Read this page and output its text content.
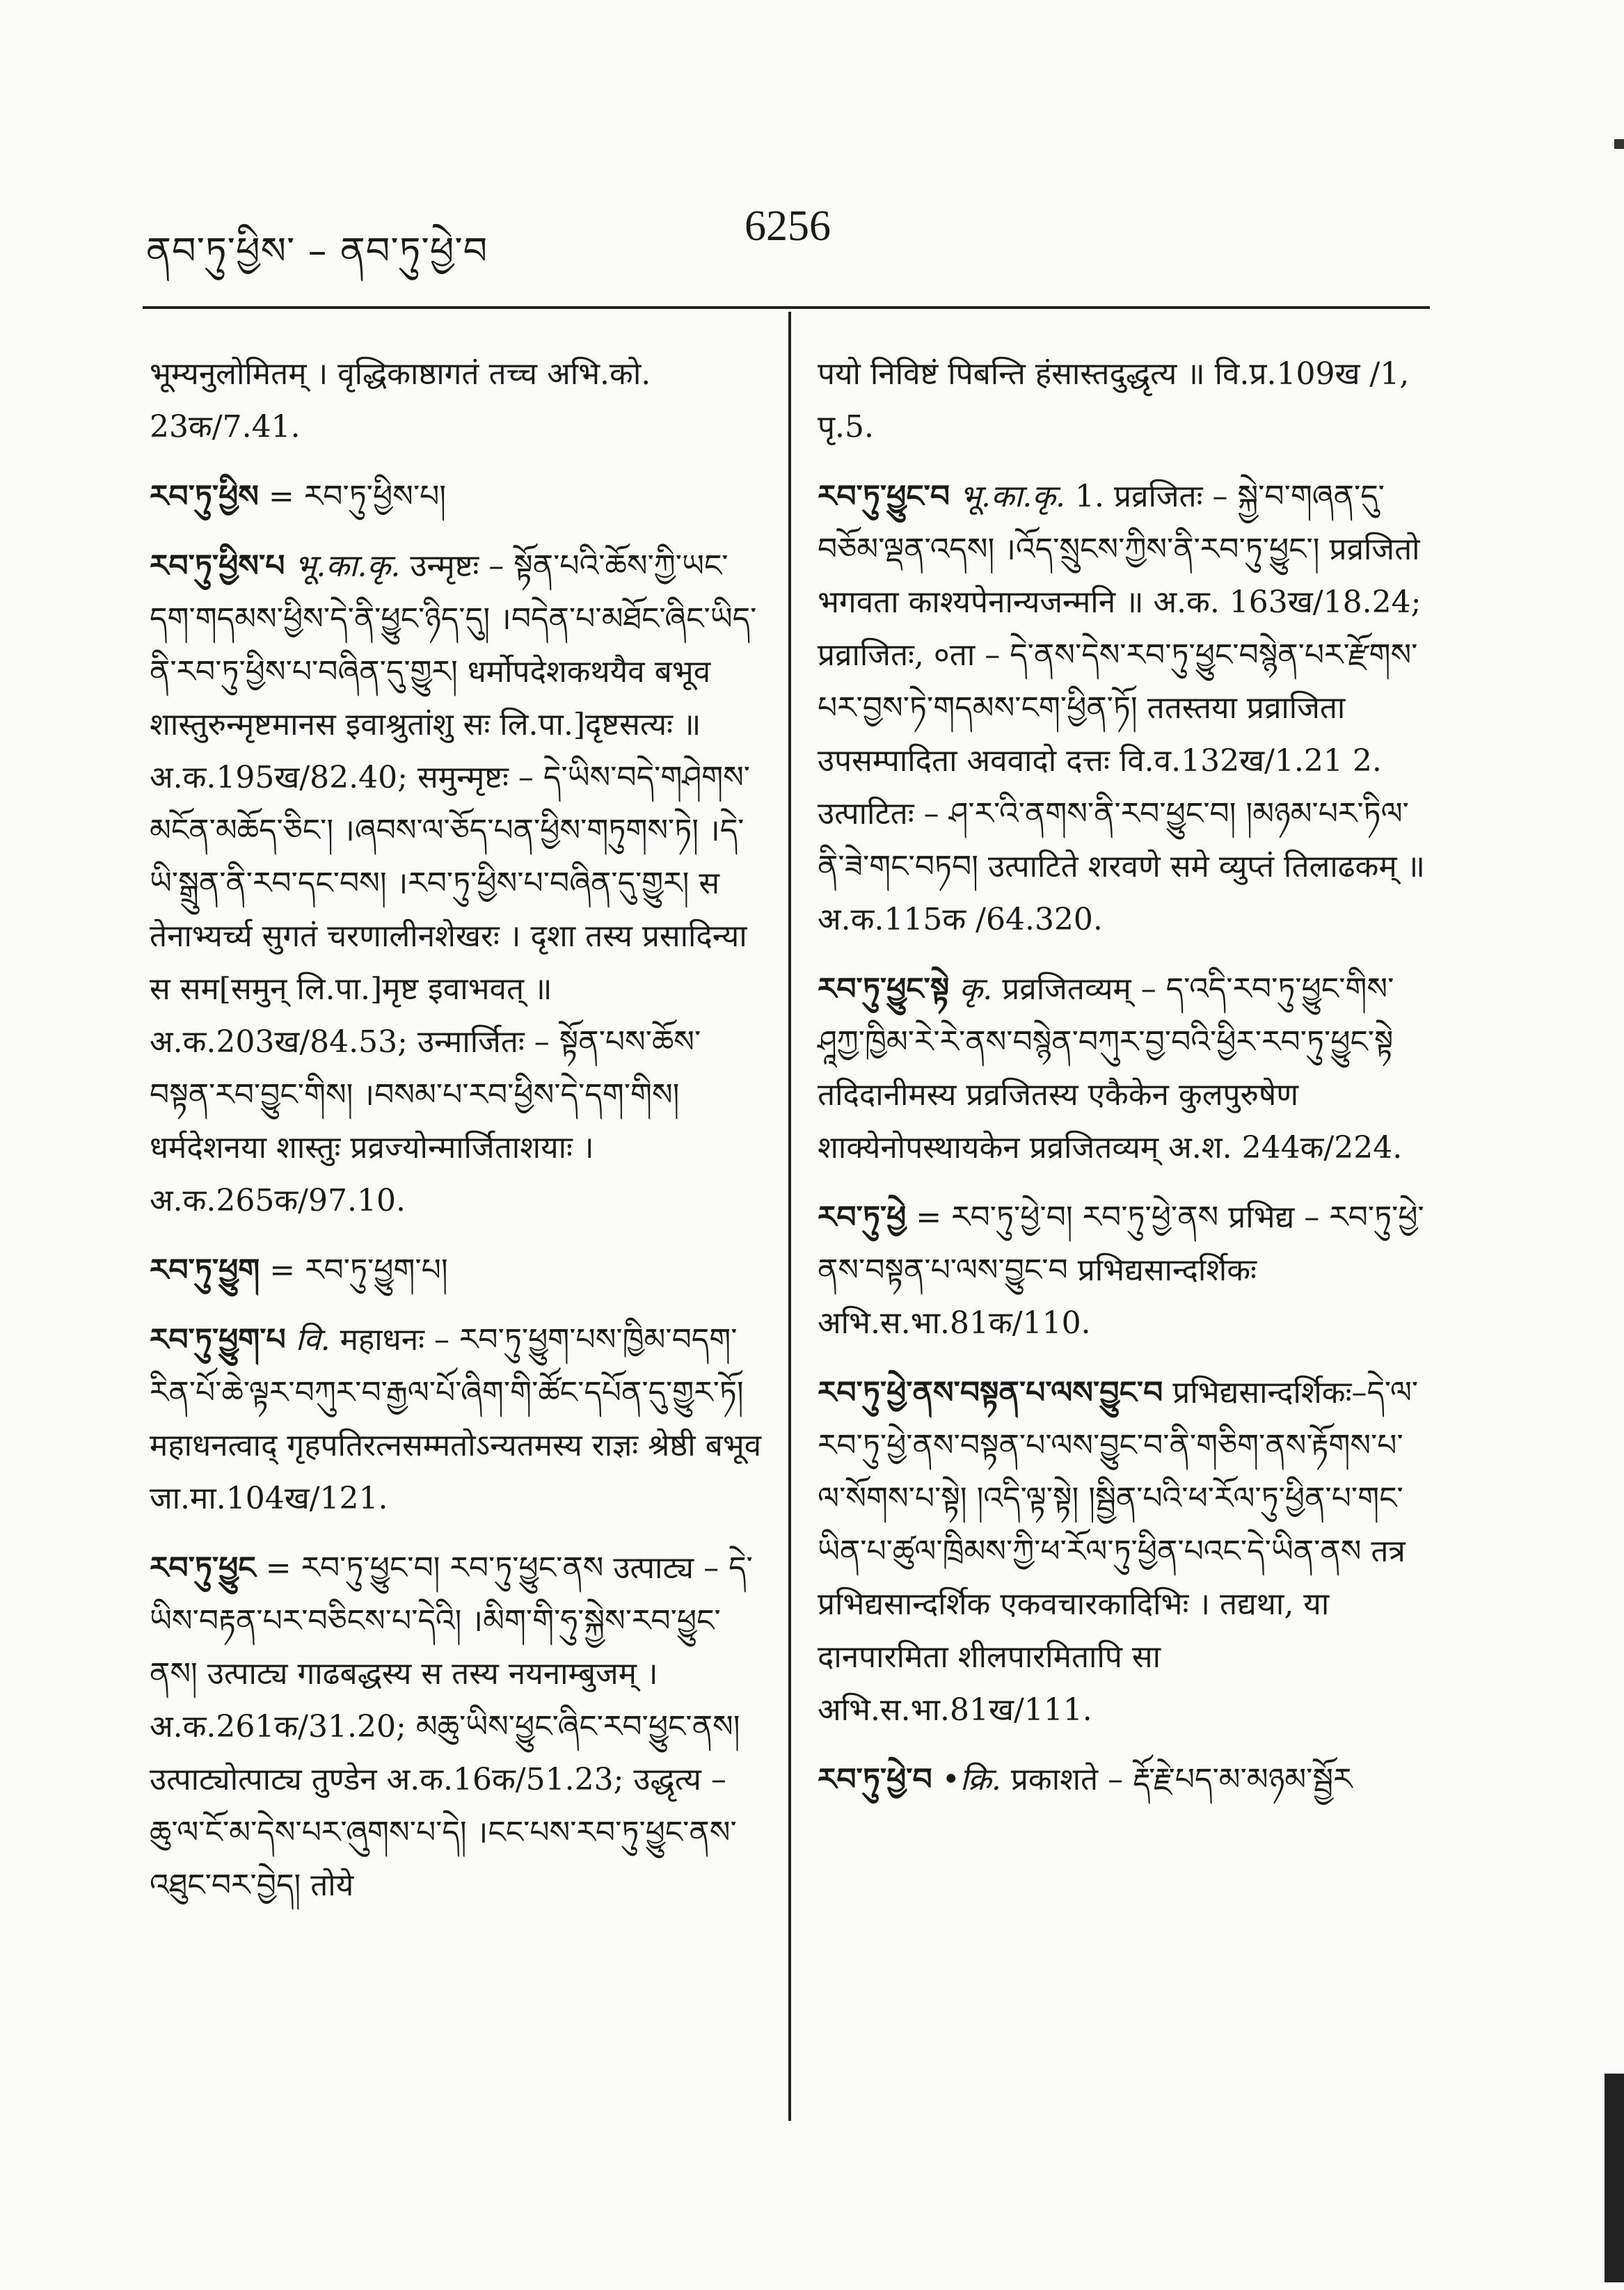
ནབ་ཏུ་ཕྱིས་ – ནབ་ཏུ་ཕྱེ་བ
6256

भूम्यनुलोमितम् । वृद्धिकाष्ठागतं तच्च अभि.को. 23क/7.41.

རབ་ཏུ་ཕྱིས = རབ་ཏུ་ཕྱིས་པ།

རབ་ཏུ་ཕྱིས་པ भू.का.कृ. उन्मृष्टः – སྟོན་པའི་ཆོས་ཀྱི་ཡང་དག་གདམས་ཕྱིས་དེ་ནི་ཕྱུང་ཉིད་དུ། ।བདེན་པ་མཐོང་ཞིང་ཡིད་ནི་རབ་ཏུ་ཕྱིས་པ་བཞིན་དུ་གྱུར། धर्मोपदेशकथयैव बभूव शास्तुरुन्मृष्टमानस इवाश्रुतांशु सः लि.पा.]दृष्टसत्यः ॥ अ.क.195ख/82.40; समुन्मृष्टः – དེ་ཡིས་བདེ་གཤེགས་མངོན་མཆོད་ཅིང་། ।ཞབས་ལ་ཅོད་པན་ཕྱིས་གཏུགས་ཏེ། ।དེ་ཡི་སྒྲུན་ནི་རབ་དང་བས། ।རབ་ཏུ་ཕྱིས་པ་བཞིན་དུ་གྱུར། स तेनाभ्यर्च्य सुगतं चरणालीनशेखरः । दृशा तस्य प्रसादिन्या स सम[समुन् लि.पा.]मृष्ट इवाभवत् ॥ अ.क.203ख/84.53; उन्मार्जितः – སྟོན་པས་ཆོས་བསྟན་རབ་བྱུང་གིས། ।བསམ་པ་རབ་ཕྱིས་དེ་དག་གིས། धर्मदेशनया शास्तुः प्रव्रज्योन्मार्जिताशयाः । अ.क.265क/97.10.

རབ་ཏུ་ཕྱུག = རབ་ཏུ་ཕྱུག་པ།

རབ་ཏུ་ཕྱུག་པ वि. महाधनः – རབ་ཏུ་ཕྱུག་པས་ཁྱིམ་བདག་རིན་པོ་ཆེ་ལྟར་བཀུར་བ་རྒྱལ་པོ་ཞིག་གི་ཚོང་དཔོན་དུ་གྱུར་ཏོ། महाधनत्वाद् गृहपतिरत्नसम्मतोऽन्यतमस्य राज्ञः श्रेष्ठी बभूव जा.मा.104ख/121.

རབ་ཏུ་ཕྱུང = རབ་ཏུ་ཕྱུང་བ། རབ་ཏུ་ཕྱུང་ནས उत्पाट्य – དེ་ཡིས་བརྟན་པར་བཅིངས་པ་དེའི། ।མིག་གི་ཧུ་སྐྱེས་རབ་ཕྱུང་ནས། उत्पाट्य गाढबद्धस्य स तस्य नयनाम्बुजम् । अ.क.261क/31.20; མཆུ་ཡིས་ཕྱུང་ཞིང་རབ་ཕྱུང་ནས། उत्पाट्योत्पाट्य तुण्डेन अ.क.16क/51.23; उद्धृत्य – ཆུ་ལ་ངོ་མ་དེས་པར་ཞུགས་པ་དེ། ।ངང་པས་རབ་ཏུ་ཕྱུང་ནས་འཐུང་བར་བྱེད། तोये

पयो निविष्टं पिबन्ति हंसास्तदुद्धृत्य ॥ वि.प्र.109ख /1, पृ.5.

རབ་ཏུ་ཕྱུང་བ भू.का.कृ. 1. प्रव्रजितः – སྐྱེ་བ་གཞན་དུ་བཅོམ་ལྡན་འདས། ।འོད་སྲུངས་ཀྱིས་ནི་རབ་ཏུ་ཕྱུང་། प्रव्रजितो भगवता काश्यपेनान्यजन्मनि ॥ अ.क. 163ख/18.24; प्रव्राजितः, ०ता – དེ་ནས་དེས་རབ་ཏུ་ཕྱུང་བསྙེན་པར་རྫོགས་པར་བྱས་ཏེ་གདམས་ངག་ཕྱིན་ཏོ། ततस्तया प्रव्राजिता उपसम्पादिता अववादो दत्तः वि.व.132ख/1.21 2. उत्पाटितः – ཤ་ར་འི་ནགས་ནི་རབ་ཕྱུང་བ། །མཉམ་པར་ཏིལ་ནི་ཟེ་གང་བཏབ། उत्पाटिते शरवणे समे व्युप्तं तिलाढकम् ॥ अ.क.115क /64.320.

རབ་ཏུ་ཕྱུང་སྟེ कृ. प्रव्रजितव्यम् – ད་འདི་རབ་ཏུ་ཕྱུང་གིས་ཤཱཀྱ་ཁྱིམ་རེ་རེ་ནས་བསྙེན་བཀུར་བྱ་བའི་ཕྱིར་རབ་ཏུ་ཕྱུང་སྟེ तदिदानीमस्य प्रव्रजितस्य एकैकेन कुलपुरुषेण शाक्येनोपस्थायकेन प्रव्रजितव्यम् अ.श. 244क/224.

རབ་ཏུ་ཕྱེ = རབ་ཏུ་ཕྱེ་བ། རབ་ཏུ་ཕྱེ་ནས प्रभिद्य – རབ་ཏུ་ཕྱེ་ནས་བསྟན་པ་ལས་བྱུང་བ प्रभिद्यसान्दर्शिकः अभि.स.भा.81क/110.

རབ་ཏུ་ཕྱེ་ནས་བསྟན་པ་ལས་བྱུང་བ प्रभिद्यसान्दर्शिकः–དེ་ལ་རབ་ཏུ་ཕྱེ་ནས་བསྟན་པ་ལས་བྱུང་བ་ནི་གཅིག་ནས་རྟོགས་པ་ལ་སོགས་པ་སྟེ། །འདི་ལྟ་སྟེ། །སྦྱིན་པའི་ཕ་རོལ་ཏུ་ཕྱིན་པ་གང་ཡིན་པ་ཚུལ་ཁྲིམས་ཀྱི་ཕ་རོལ་ཏུ་ཕྱིན་པའང་དེ་ཡིན་ནས तत्र प्रभिद्यसान्दर्शिक एकवचारकादिभिः । तद्यथा, या दानपारमिता शीलपारमितापि सा अभि.स.भा.81ख/111.

རབ་ཏུ་ཕྱེ་བ •क्रि. प्रकाशते – རྡོ་རྗེ་པད་མ་མཉམ་སྦྱོར
